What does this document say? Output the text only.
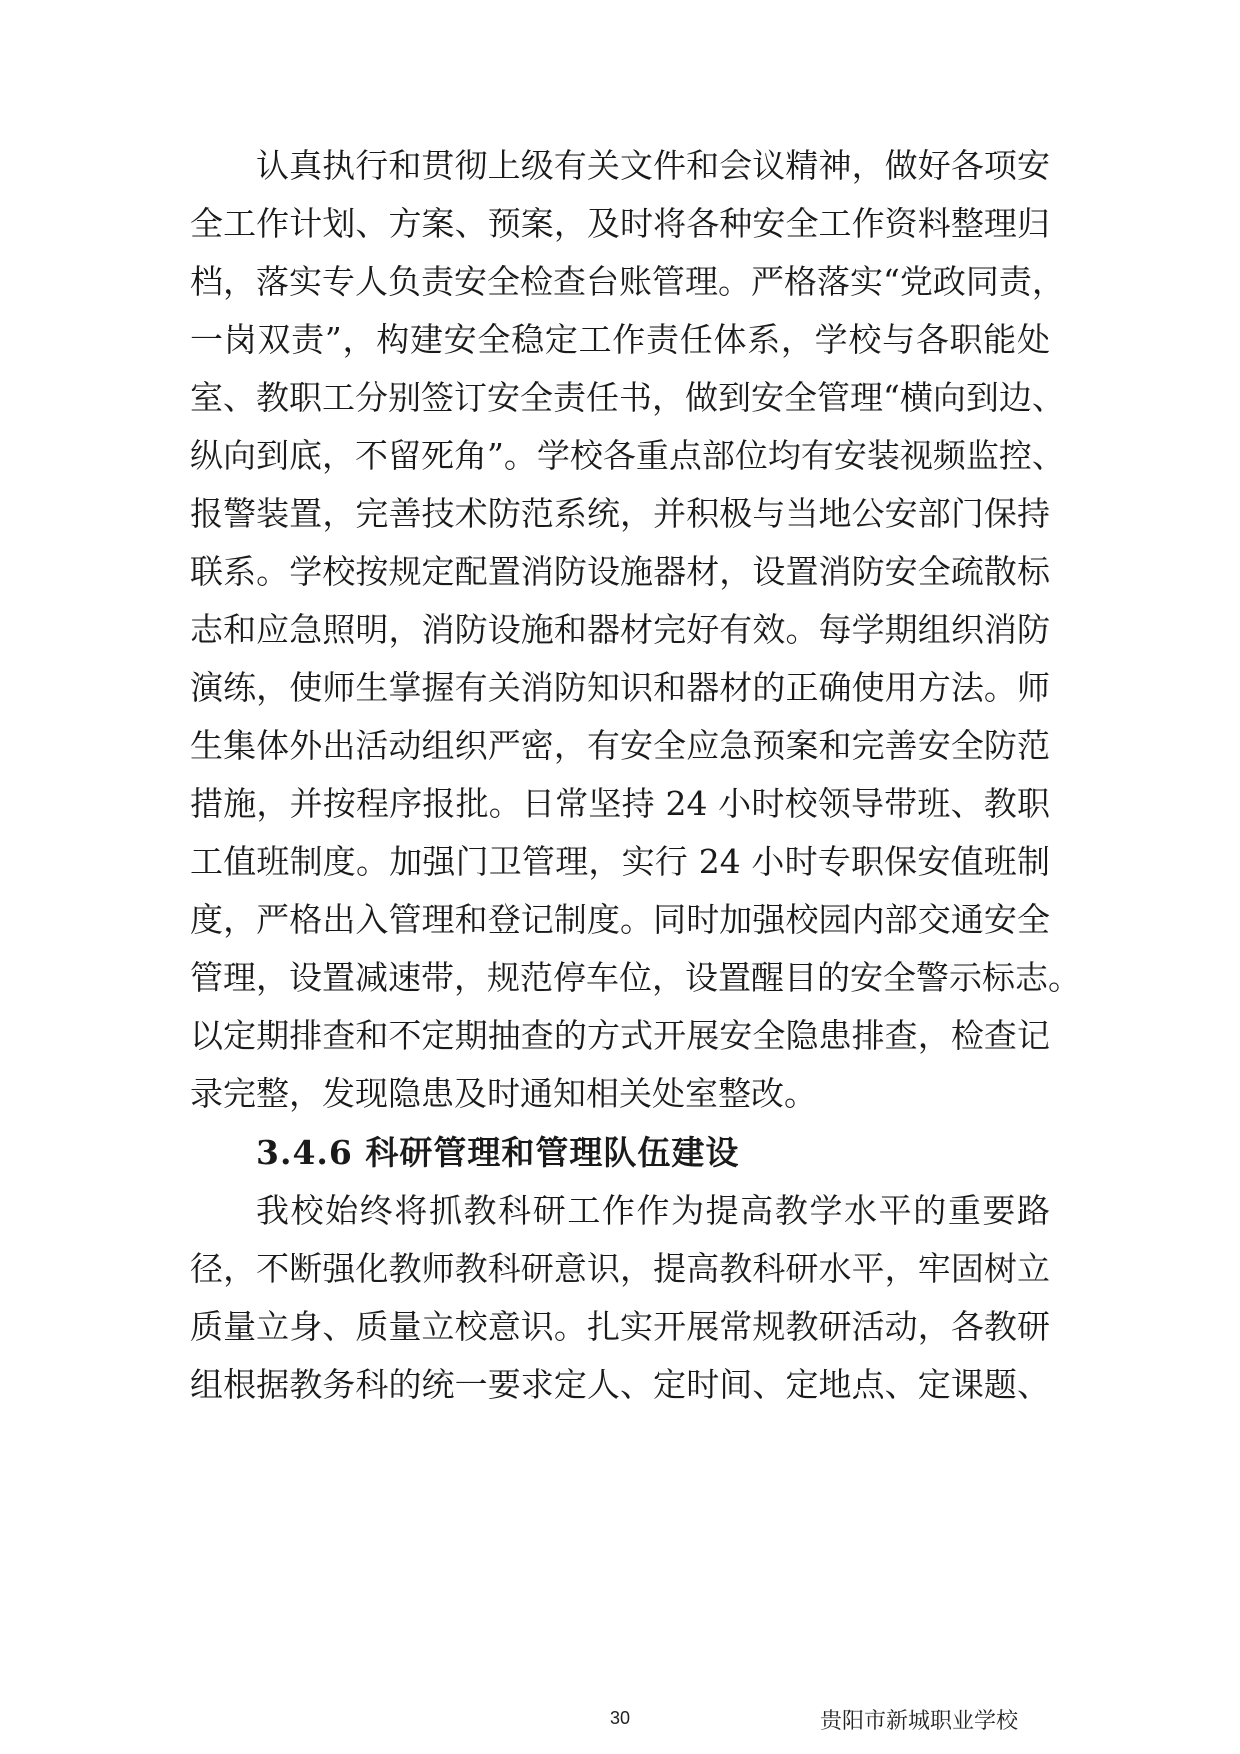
认真执行和贯彻上级有关文件和会议精神，做好各项安
全工作计划、方案、预案，及时将各种安全工作资料整理归
档，落实专人负责安全检查台账管理。严格落实“党政同责，
一岗双责”，构建安全稳定工作责任体系，学校与各职能处
室、教职工分别签订安全责任书，做到安全管理“横向到边、
纵向到底，不留死角”。学校各重点部位均有安装视频监控、
报警装置，完善技术防范系统，并积极与当地公安部门保持
联系。学校按规定配置消防设施器材，设置消防安全疏散标
志和应急照明，消防设施和器材完好有效。每学期组织消防
演练，使师生掌握有关消防知识和器材的正确使用方法。师
生集体外出活动组织严密，有安全应急预案和完善安全防范
措施，并按程序报批。日常坚持 24 小时校领导带班、教职
工值班制度。加强门卫管理，实行 24 小时专职保安值班制
度，严格出入管理和登记制度。同时加强校园内部交通安全
管理，设置减速带，规范停车位，设置醒目的安全警示标志。
以定期排查和不定期抽查的方式开展安全隐患排查，检查记
录完整，发现隐患及时通知相关处室整改。
3.4.6 科研管理和管理队伍建设
我校始终将抓教科研工作作为提高教学水平的重要路
径，不断强化教师教科研意识，提高教科研水平，牢固树立
质量立身、质量立校意识。扎实开展常规教研活动，各教研
组根据教务科的统一要求定人、定时间、定地点、定课题、
30	贵阳市新城职业学校
